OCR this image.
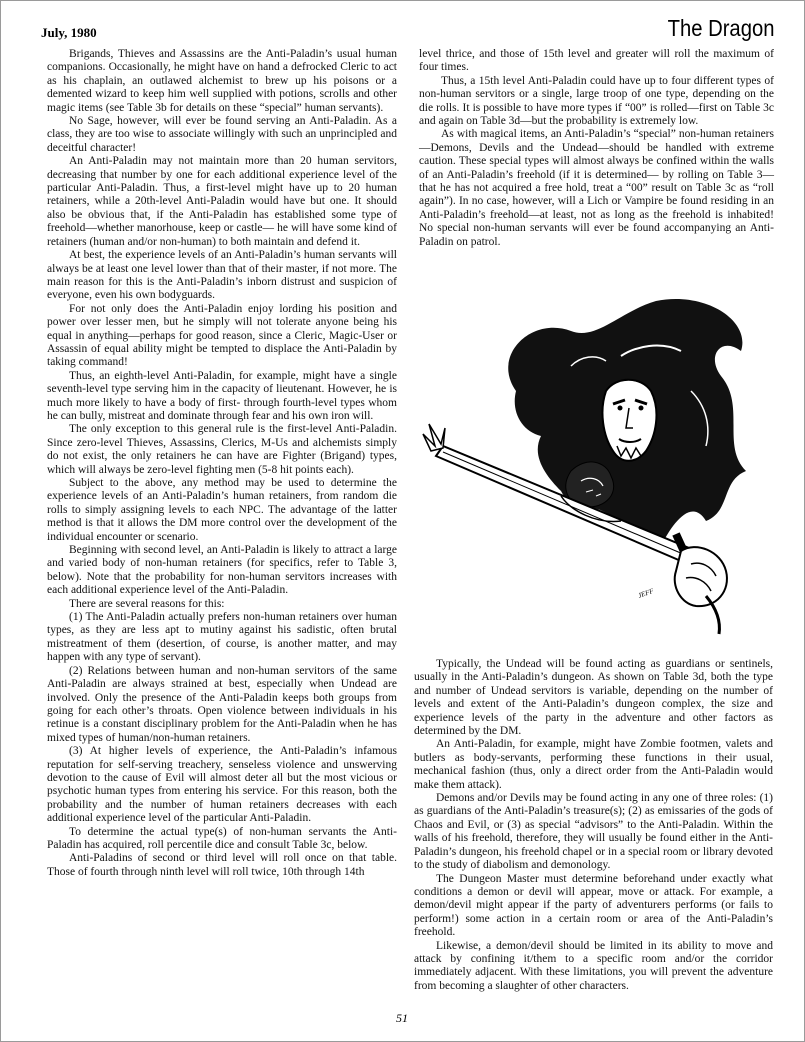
July, 1980	The Dragon

Brigands, Thieves and Assassins are the Anti-Paladin’s usual human companions. Occasionally, he might have on hand a defrocked Cleric to act as his chaplain, an outlawed alchemist to brew up his poisons or a demented wizard to keep him well supplied with potions, scrolls and other magic items (see Table 3b for details on these “special” human servants).

No Sage, however, will ever be found serving an Anti-Paladin. As a class, they are too wise to associate willingly with such an unprincipled and deceitful character!

An Anti-Paladin may not maintain more than 20 human servitors, decreasing that number by one for each additional experience level of the particular Anti-Paladin. Thus, a first-level might have up to 20 human retainers, while a 20th-level Anti-Paladin would have but one. It should also be obvious that, if the Anti-Paladin has established some type of freehold—whether manorhouse, keep or castle— he will have some kind of retainers (human and/or non-human) to both maintain and defend it.

At best, the experience levels of an Anti-Paladin’s human servants will always be at least one level lower than that of their master, if not more. The main reason for this is the Anti-Paladin’s inborn distrust and suspicion of everyone, even his own bodyguards.

For not only does the Anti-Paladin enjoy lording his position and power over lesser men, but he simply will not tolerate anyone being his equal in anything—perhaps for good reason, since a Cleric, Magic-User or Assassin of equal ability might be tempted to displace the Anti-Paladin by taking command!

Thus, an eighth-level Anti-Paladin, for example, might have a single seventh-level type serving him in the capacity of lieutenant. However, he is much more likely to have a body of first- through fourth-level types whom he can bully, mistreat and dominate through fear and his own iron will.

The only exception to this general rule is the first-level Anti-Paladin. Since zero-level Thieves, Assassins, Clerics, M-Us and alchemists simply do not exist, the only retainers he can have are Fighter (Brigand) types, which will always be zero-level fighting men (5-8 hit points each).

Subject to the above, any method may be used to determine the experience levels of an Anti-Paladin’s human retainers, from random die rolls to simply assigning levels to each NPC. The advantage of the latter method is that it allows the DM more control over the development of the individual encounter or scenario.

Beginning with second level, an Anti-Paladin is likely to attract a large and varied body of non-human retainers (for specifics, refer to Table 3, below). Note that the probability for non-human servitors increases with each additional experience level of the Anti-Paladin.

There are several reasons for this:

(1) The Anti-Paladin actually prefers non-human retainers over human types, as they are less apt to mutiny against his sadistic, often brutal mistreatment of them (desertion, of course, is another matter, and may happen with any type of servant).

(2) Relations between human and non-human servitors of the same Anti-Paladin are always strained at best, especially when Undead are involved. Only the presence of the Anti-Paladin keeps both groups from going for each other’s throats. Open violence between individuals in his retinue is a constant disciplinary problem for the Anti-Paladin when he has mixed types of human/non-human retainers.

(3) At higher levels of experience, the Anti-Paladin’s infamous reputation for self-serving treachery, senseless violence and unswerving devotion to the cause of Evil will almost deter all but the most vicious or psychotic human types from entering his service. For this reason, both the probability and the number of human retainers decreases with each additional experience level of the particular Anti-Paladin.

To determine the actual type(s) of non-human servants the Anti-Paladin has acquired, roll percentile dice and consult Table 3c, below.

Anti-Paladins of second or third level will roll once on that table. Those of fourth through ninth level will roll twice, 10th through 14th

level thrice, and those of 15th level and greater will roll the maximum of four times.

Thus, a 15th level Anti-Paladin could have up to four different types of non-human servitors or a single, large troop of one type, depending on the die rolls. It is possible to have more types if “00” is rolled—first on Table 3c and again on Table 3d—but the probability is extremely low.

As with magical items, an Anti-Paladin’s “special” non-human retainers—Demons, Devils and the Undead—should be handled with extreme caution. These special types will almost always be confined within the walls of an Anti-Paladin’s freehold (if it is determined— by rolling on Table 3—that he has not acquired a free hold, treat a “00” result on Table 3c as “roll again”). In no case, however, will a Lich or Vampire be found residing in an Anti-Paladin’s freehold—at least, not as long as the freehold is inhabited! No special non-human servants will ever be found accompanying an Anti-Paladin on patrol.

JEFF

Typically, the Undead will be found acting as guardians or sentinels, usually in the Anti-Paladin’s dungeon. As shown on Table 3d, both the type and number of Undead servitors is variable, depending on the number of levels and extent of the Anti-Paladin’s dungeon complex, the size and experience levels of the party in the adventure and other factors as determined by the DM.

An Anti-Paladin, for example, might have Zombie footmen, valets and butlers as body-servants, performing these functions in their usual, mechanical fashion (thus, only a direct order from the Anti-Paladin would make them attack).

Demons and/or Devils may be found acting in any one of three roles: (1) as guardians of the Anti-Paladin’s treasure(s); (2) as emissaries of the gods of Chaos and Evil, or (3) as special “advisors” to the Anti-Paladin. Within the walls of his freehold, therefore, they will usually be found either in the Anti-Paladin’s dungeon, his freehold chapel or in a special room or library devoted to the study of diabolism and demonology.

The Dungeon Master must determine beforehand under exactly what conditions a demon or devil will appear, move or attack. For example, a demon/devil might appear if the party of adventurers performs (or fails to perform!) some action in a certain room or area of the Anti-Paladin’s freehold.

Likewise, a demon/devil should be limited in its ability to move and attack by confining it/them to a specific room and/or the corridor immediately adjacent. With these limitations, you will prevent the adventure from becoming a slaughter of other characters.

51
